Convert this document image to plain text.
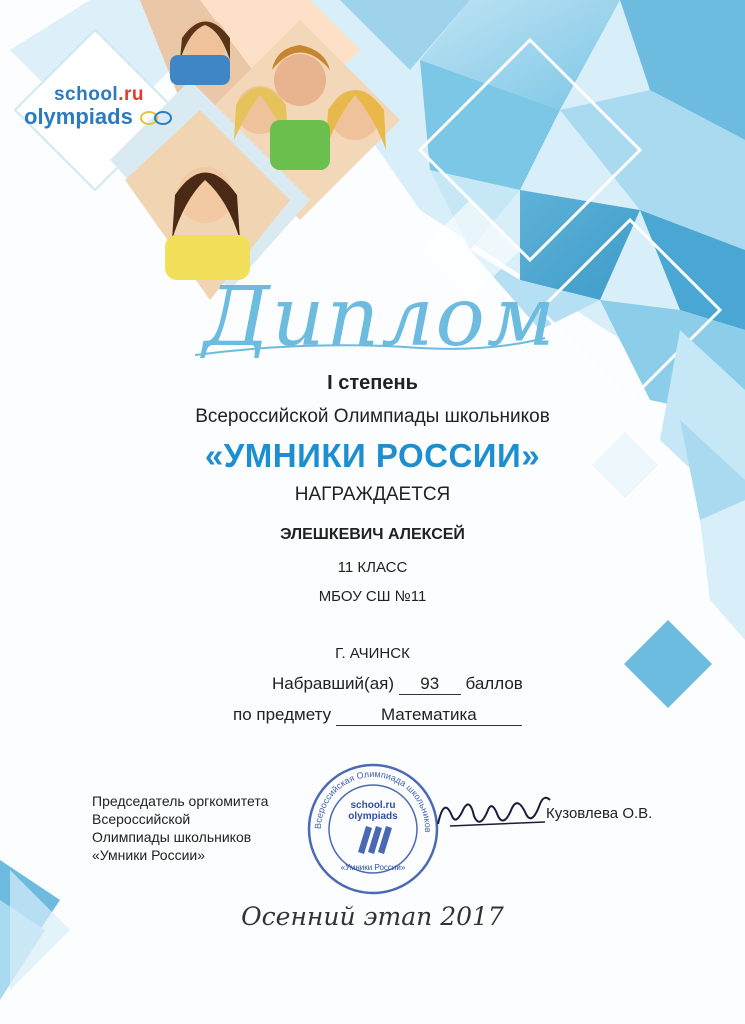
school.ru
olympiads
Диплом
I степень
Всероссийской Олимпиады школьников
«УМНИКИ РОССИИ»
НАГРАЖДАЕТСЯ
ЭЛЕШКЕВИЧ АЛЕКСЕЙ
11 КЛАСС
МБОУ СШ №11
Г. АЧИНСК
Набравший(ая) 93 баллов
по предмету	Математика
Председатель оргкомитета
Всероссийской
Олимпиады школьников
«Умники России»
Всероссийская Олимпиада школьников
school.ru
olympiads
«Умники России»
Кузовлева О.В.
Осенний этап 2017
